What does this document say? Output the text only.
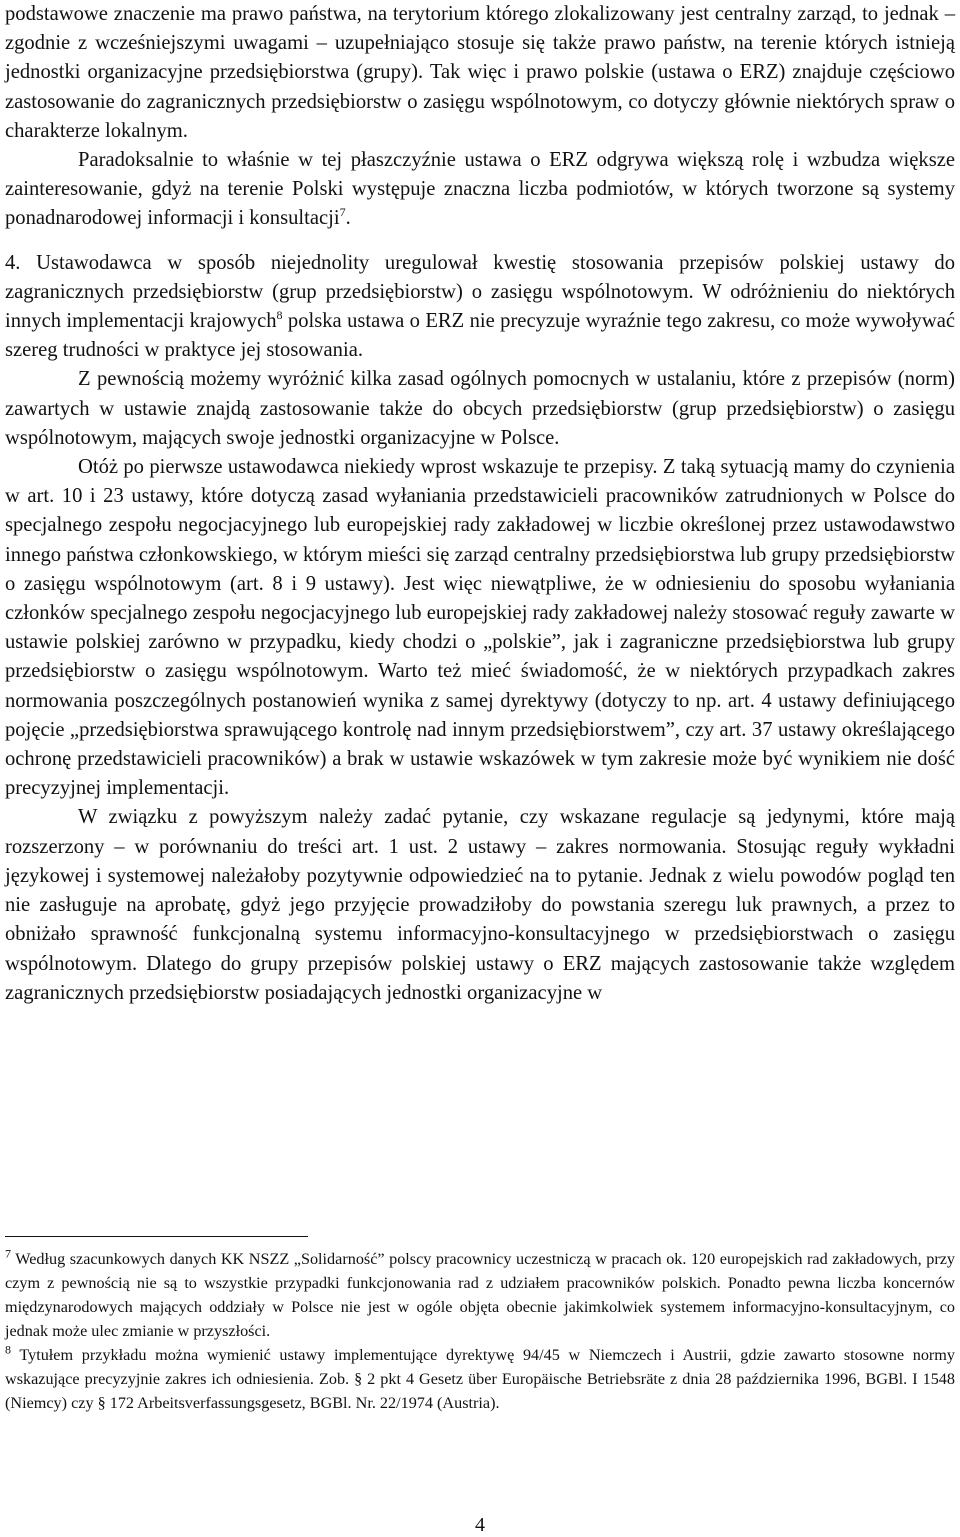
podstawowe znaczenie ma prawo państwa, na terytorium którego zlokalizowany jest centralny zarząd, to jednak – zgodnie z wcześniejszymi uwagami – uzupełniająco stosuje się także prawo państw, na terenie których istnieją jednostki organizacyjne przedsiębiorstwa (grupy). Tak więc i prawo polskie (ustawa o ERZ) znajduje częściowo zastosowanie do zagranicznych przedsiębiorstw o zasięgu wspólnotowym, co dotyczy głównie niektórych spraw o charakterze lokalnym.

Paradoksalnie to właśnie w tej płaszczyźnie ustawa o ERZ odgrywa większą rolę i wzbudza większe zainteresowanie, gdyż na terenie Polski występuje znaczna liczba podmiotów, w których tworzone są systemy ponadnarodowej informacji i konsultacji$^7$.

4. Ustawodawca w sposób niejednolity uregulował kwestię stosowania przepisów polskiej ustawy do zagranicznych przedsiębiorstw (grup przedsiębiorstw) o zasięgu wspólnotowym. W odróżnieniu do niektórych innych implementacji krajowych$^8$ polska ustawa o ERZ nie precyzuje wyraźnie tego zakresu, co może wywoływać szereg trudności w praktyce jej stosowania.

Z pewnością możemy wyróżnić kilka zasad ogólnych pomocnych w ustalaniu, które z przepisów (norm) zawartych w ustawie znajdą zastosowanie także do obcych przedsiębiorstw (grup przedsiębiorstw) o zasięgu wspólnotowym, mających swoje jednostki organizacyjne w Polsce.

Otóż po pierwsze ustawodawca niekiedy wprost wskazuje te przepisy. Z taką sytuacją mamy do czynienia w art. 10 i 23 ustawy, które dotyczą zasad wyłaniania przedstawicieli pracowników zatrudnionych w Polsce do specjalnego zespołu negocjacyjnego lub europejskiej rady zakładowej w liczbie określonej przez ustawodawstwo innego państwa członkowskiego, w którym mieści się zarząd centralny przedsiębiorstwa lub grupy przedsiębiorstw o zasięgu wspólnotowym (art. 8 i 9 ustawy). Jest więc niewątpliwe, że w odniesieniu do sposobu wyłaniania członków specjalnego zespołu negocjacyjnego lub europejskiej rady zakładowej należy stosować reguły zawarte w ustawie polskiej zarówno w przypadku, kiedy chodzi o „polskie”, jak i zagraniczne przedsiębiorstwa lub grupy przedsiębiorstw o zasięgu wspólnotowym. Warto też mieć świadomość, że w niektórych przypadkach zakres normowania poszczególnych postanowień wynika z samej dyrektywy (dotyczy to np. art. 4 ustawy definiującego pojęcie „przedsiębiorstwa sprawującego kontrolę nad innym przedsiębiorstwem”, czy art. 37 ustawy określającego ochronę przedstawicieli pracowników) a brak w ustawie wskazówek w tym zakresie może być wynikiem nie dość precyzyjnej implementacji.

W związku z powyższym należy zadać pytanie, czy wskazane regulacje są jedynymi, które mają rozszerzony – w porównaniu do treści art. 1 ust. 2 ustawy – zakres normowania. Stosując reguły wykładni językowej i systemowej należałoby pozytywnie odpowiedzieć na to pytanie. Jednak z wielu powodów pogląd ten nie zasługuje na aprobatę, gdyż jego przyjęcie prowadziłoby do powstania szeregu luk prawnych, a przez to obniżało sprawność funkcjonalną systemu informacyjno-konsultacyjnego w przedsiębiorstwach o zasięgu wspólnotowym. Dlatego do grupy przepisów polskiej ustawy o ERZ mających zastosowanie także względem zagranicznych przedsiębiorstw posiadających jednostki organizacyjne w

$^7$ Według szacunkowych danych KK NSZZ „Solidarność” polscy pracownicy uczestniczą w pracach ok. 120 europejskich rad zakładowych, przy czym z pewnością nie są to wszystkie przypadki funkcjonowania rad z udziałem pracowników polskich. Ponadto pewna liczba koncernów międzynarodowych mających oddziały w Polsce nie jest w ogóle objęta obecnie jakimkolwiek systemem informacyjno-konsultacyjnym, co jednak może ulec zmianie w przyszłości.

$^8$ Tytułem przykładu można wymienić ustawy implementujące dyrektywę 94/45 w Niemczech i Austrii, gdzie zawarto stosowne normy wskazujące precyzyjnie zakres ich odniesienia. Zob. § 2 pkt 4 Gesetz über Europäische Betriebsräte z dnia 28 października 1996, BGBl. I 1548 (Niemcy) czy § 172 Arbeitsverfassungsgesetz, BGBl. Nr. 22/1974 (Austria).

4
